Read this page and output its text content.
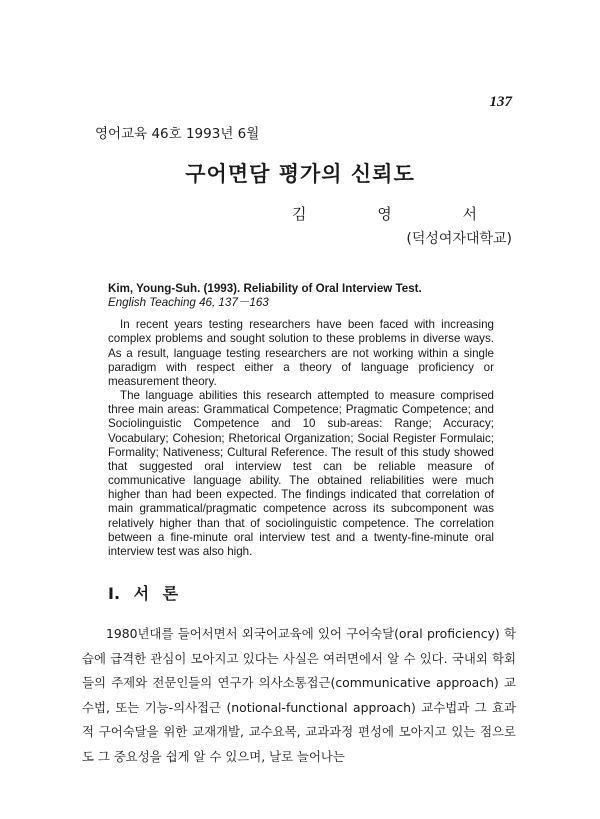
137
영어교육 46호 1993년 6월
구어면담 평가의 신뢰도
김 영 서
(덕성여자대학교)
Kim, Young-Suh. (1993). Reliability of Oral Interview Test.
English Teaching 46, 137－163

In recent years testing researchers have been faced with increasing complex problems and sought solution to these problems in diverse ways. As a result, language testing researchers are not working within a single paradigm with respect either a theory of language proficiency or measurement theory.

The language abilities this research attempted to measure comprised three main areas: Grammatical Competence; Pragmatic Competence; and Sociolinguistic Competence and 10 sub-areas: Range; Accuracy; Vocabulary; Cohesion; Rhetorical Organization; Social Register Formulaic; Formality; Nativeness; Cultural Reference. The result of this study showed that suggested oral interview test can be reliable measure of communicative language ability. The obtained reliabilities were much higher than had been expected. The findings indicated that correlation of main grammatical/pragmatic competence across its subcomponent was relatively higher than that of sociolinguistic competence. The correlation between a fine-minute oral interview test and a twenty-fine-minute oral interview test was also high.

I. 서 론

1980년대를 들어서면서 외국어교육에 있어 구어숙달(oral proficiency) 학습에 급격한 관심이 모아지고 있다는 사실은 여러면에서 알 수 있다. 국내외 학회들의 주제와 전문인들의 연구가 의사소통접근(communicative approach) 교수법, 또는 기능-의사접근 (notional-functional approach) 교수법과 그 효과적 구어숙달을 위한 교재개발, 교수요목, 교과과정 편성에 모아지고 있는 점으로도 그 중요성을 쉽게 알 수 있으며, 날로 늘어나는
